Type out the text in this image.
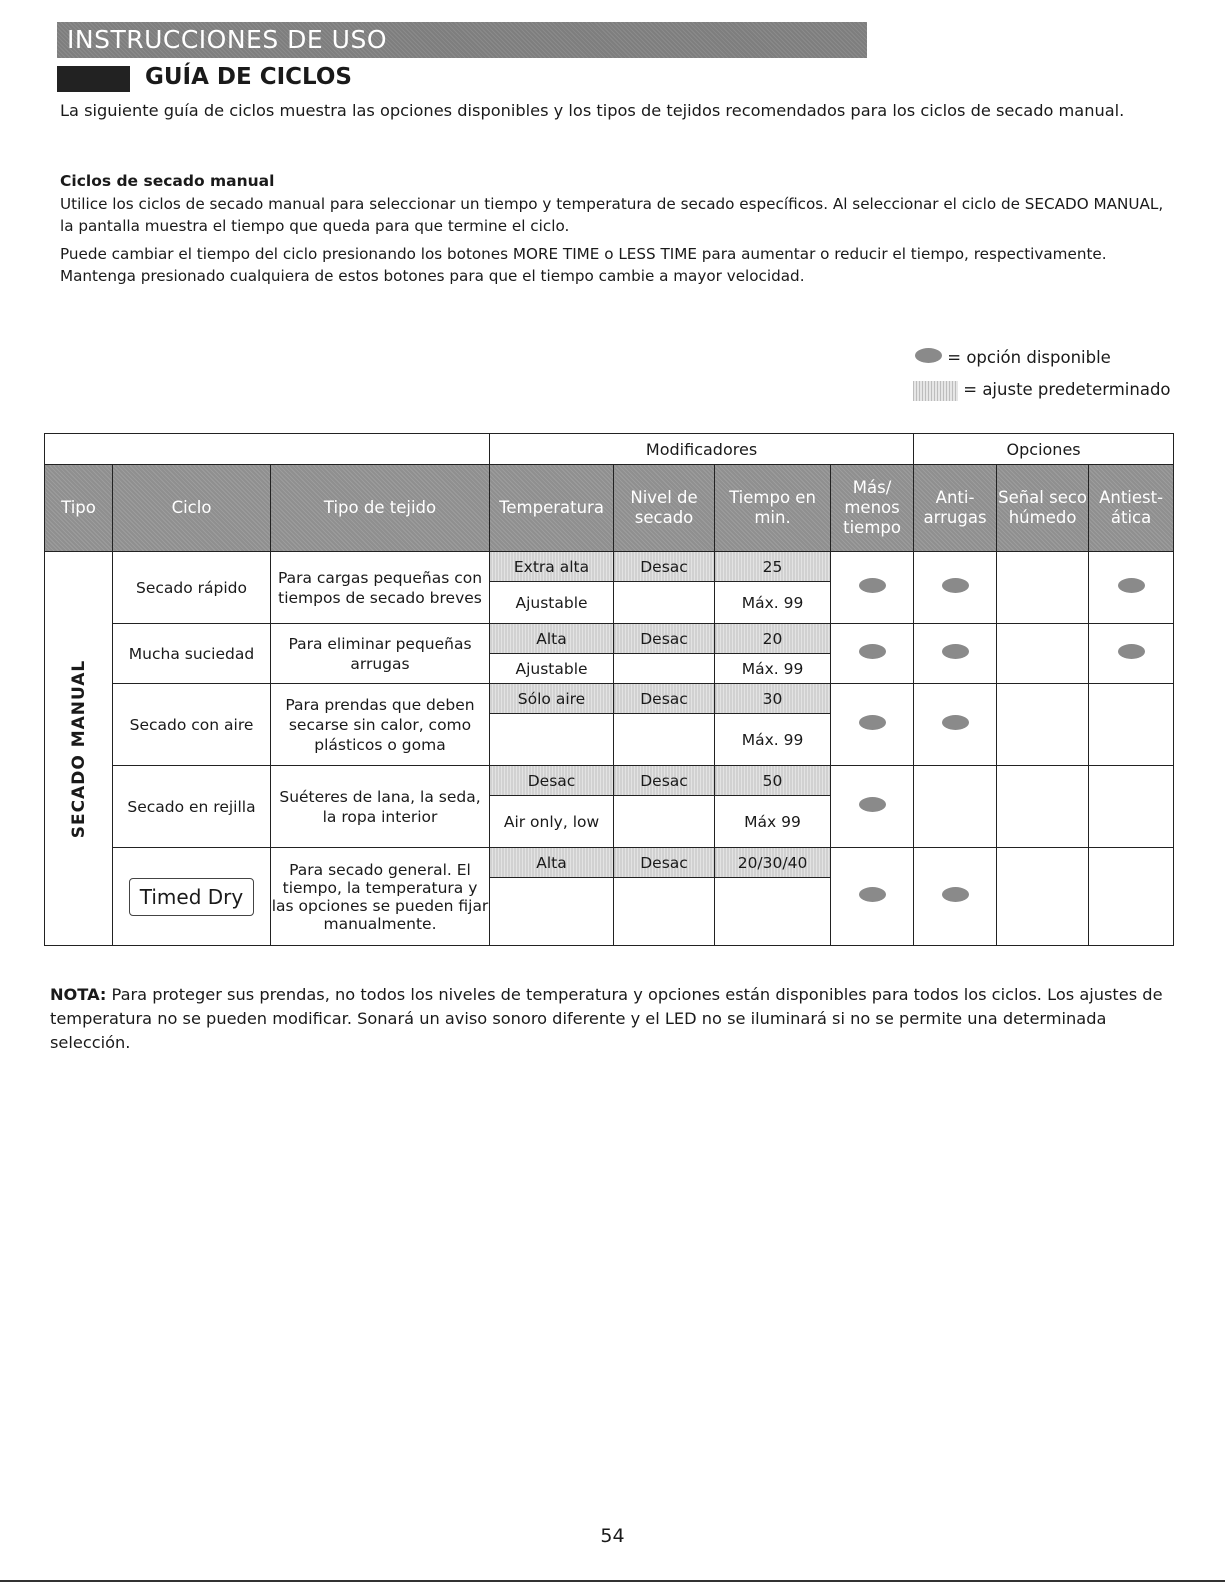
INSTRUCCIONES DE USO
GUÍA DE CICLOS
La siguiente guía de ciclos muestra las opciones disponibles y los tipos de tejidos recomendados para los ciclos de secado manual.
Ciclos de secado manual
Utilice los ciclos de secado manual para seleccionar un tiempo y temperatura de secado específicos. Al seleccionar el ciclo de SECADO MANUAL, la pantalla muestra el tiempo que queda para que termine el ciclo.
Puede cambiar el tiempo del ciclo presionando los botones MORE TIME o LESS TIME para aumentar o reducir el tiempo, respectivamente. Mantenga presionado cualquiera de estos botones para que el tiempo cambie a mayor velocidad.
= opción disponible
= ajuste predeterminado
			Modificadores				Opciones		
Tipo	Ciclo	Tipo de tejido	Temperatura	Nivel de secado	Tiempo en min.	Más/ menos tiempo	Anti- arrugas	Señal seco húmedo	Antiest- ática

SECADO MANUAL	Secado rápido	Para cargas pequeñas con tiempos de secado breves	Extra alta	Desac	25				
			Ajustable		Máx. 99				
	Mucha suciedad	Para eliminar pequeñas arrugas	Alta	Desac	20				
			Ajustable		Máx. 99				
	Secado con aire	Para prendas que deben secarse sin calor, como plásticos o goma	Sólo aire	Desac	30				
					Máx. 99				
	Secado en rejilla	Suéteres de lana, la seda, la ropa interior	Desac	Desac	50				
			Air only, low		Máx 99				
	Timed Dry	Para secado general. El tiempo, la temperatura y las opciones se pueden fijar manualmente.	Alta	Desac	20/30/40				

NOTA: Para proteger sus prendas, no todos los niveles de temperatura y opciones están disponibles para todos los ciclos. Los ajustes de temperatura no se pueden modificar. Sonará un aviso sonoro diferente y el LED no se iluminará si no se permite una determinada selección.
54
